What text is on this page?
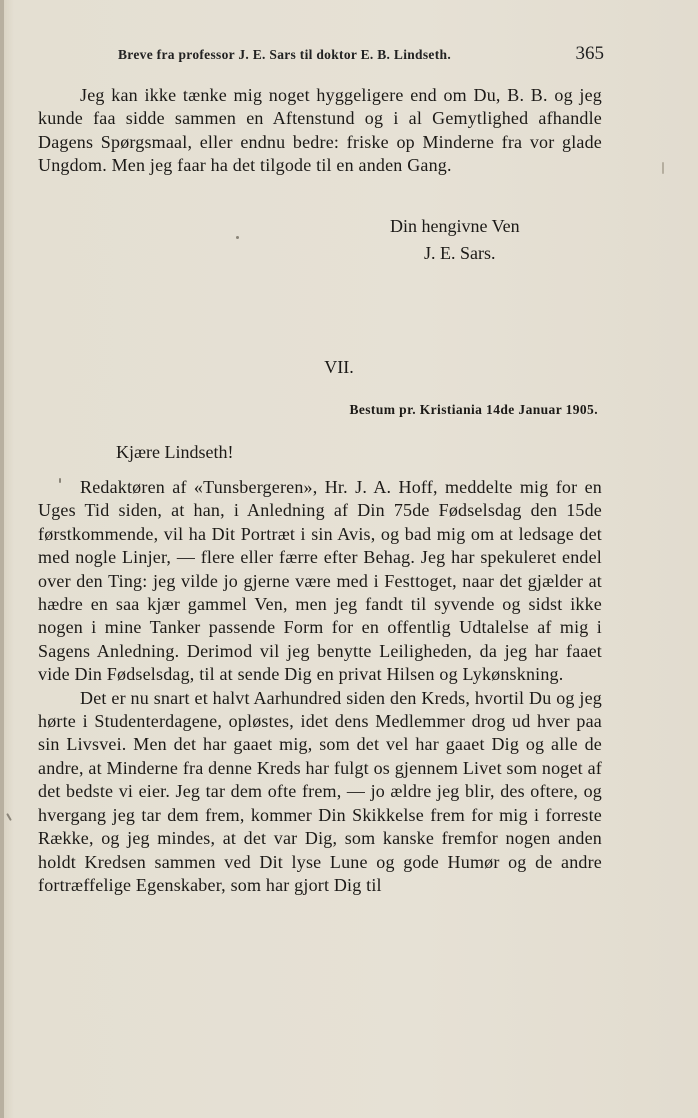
Breve fra professor J. E. Sars til doktor E. B. Lindseth.	365

Jeg kan ikke tænke mig noget hyggeligere end om Du, B. B. og jeg kunde faa sidde sammen en Aftenstund og i al Gemytlighed afhandle Dagens Spørgsmaal, eller endnu bedre: friske op Minderne fra vor glade Ungdom. Men jeg faar ha det tilgode til en anden Gang.

Din hengivne Ven
J. E. Sars.
VII.
Bestum pr. Kristiania 14de Januar 1905.
Kjære Lindseth!

Redaktøren af «Tunsbergeren», Hr. J. A. Hoff, meddelte mig for en Uges Tid siden, at han, i Anledning af Din 75de Fødselsdag den 15de førstkommende, vil ha Dit Portræt i sin Avis, og bad mig om at ledsage det med nogle Linjer, — flere eller færre efter Behag. Jeg har spekuleret endel over den Ting: jeg vilde jo gjerne være med i Festtoget, naar det gjælder at hædre en saa kjær gammel Ven, men jeg fandt til syvende og sidst ikke nogen i mine Tanker passende Form for en offentlig Udtalelse af mig i Sagens Anledning. Derimod vil jeg benytte Leiligheden, da jeg har faaet vide Din Fødselsdag, til at sende Dig en privat Hilsen og Lykønskning.

Det er nu snart et halvt Aarhundred siden den Kreds, hvortil Du og jeg hørte i Studenterdagene, opløstes, idet dens Medlemmer drog ud hver paa sin Livsvei. Men det har gaaet mig, som det vel har gaaet Dig og alle de andre, at Minderne fra denne Kreds har fulgt os gjennem Livet som noget af det bedste vi eier. Jeg tar dem ofte frem, — jo ældre jeg blir, des oftere, og hvergang jeg tar dem frem, kommer Din Skikkelse frem for mig i forreste Række, og jeg mindes, at det var Dig, som kanske fremfor nogen anden holdt Kredsen sammen ved Dit lyse Lune og gode Humør og de andre fortræffelige Egenskaber, som har gjort Dig til
